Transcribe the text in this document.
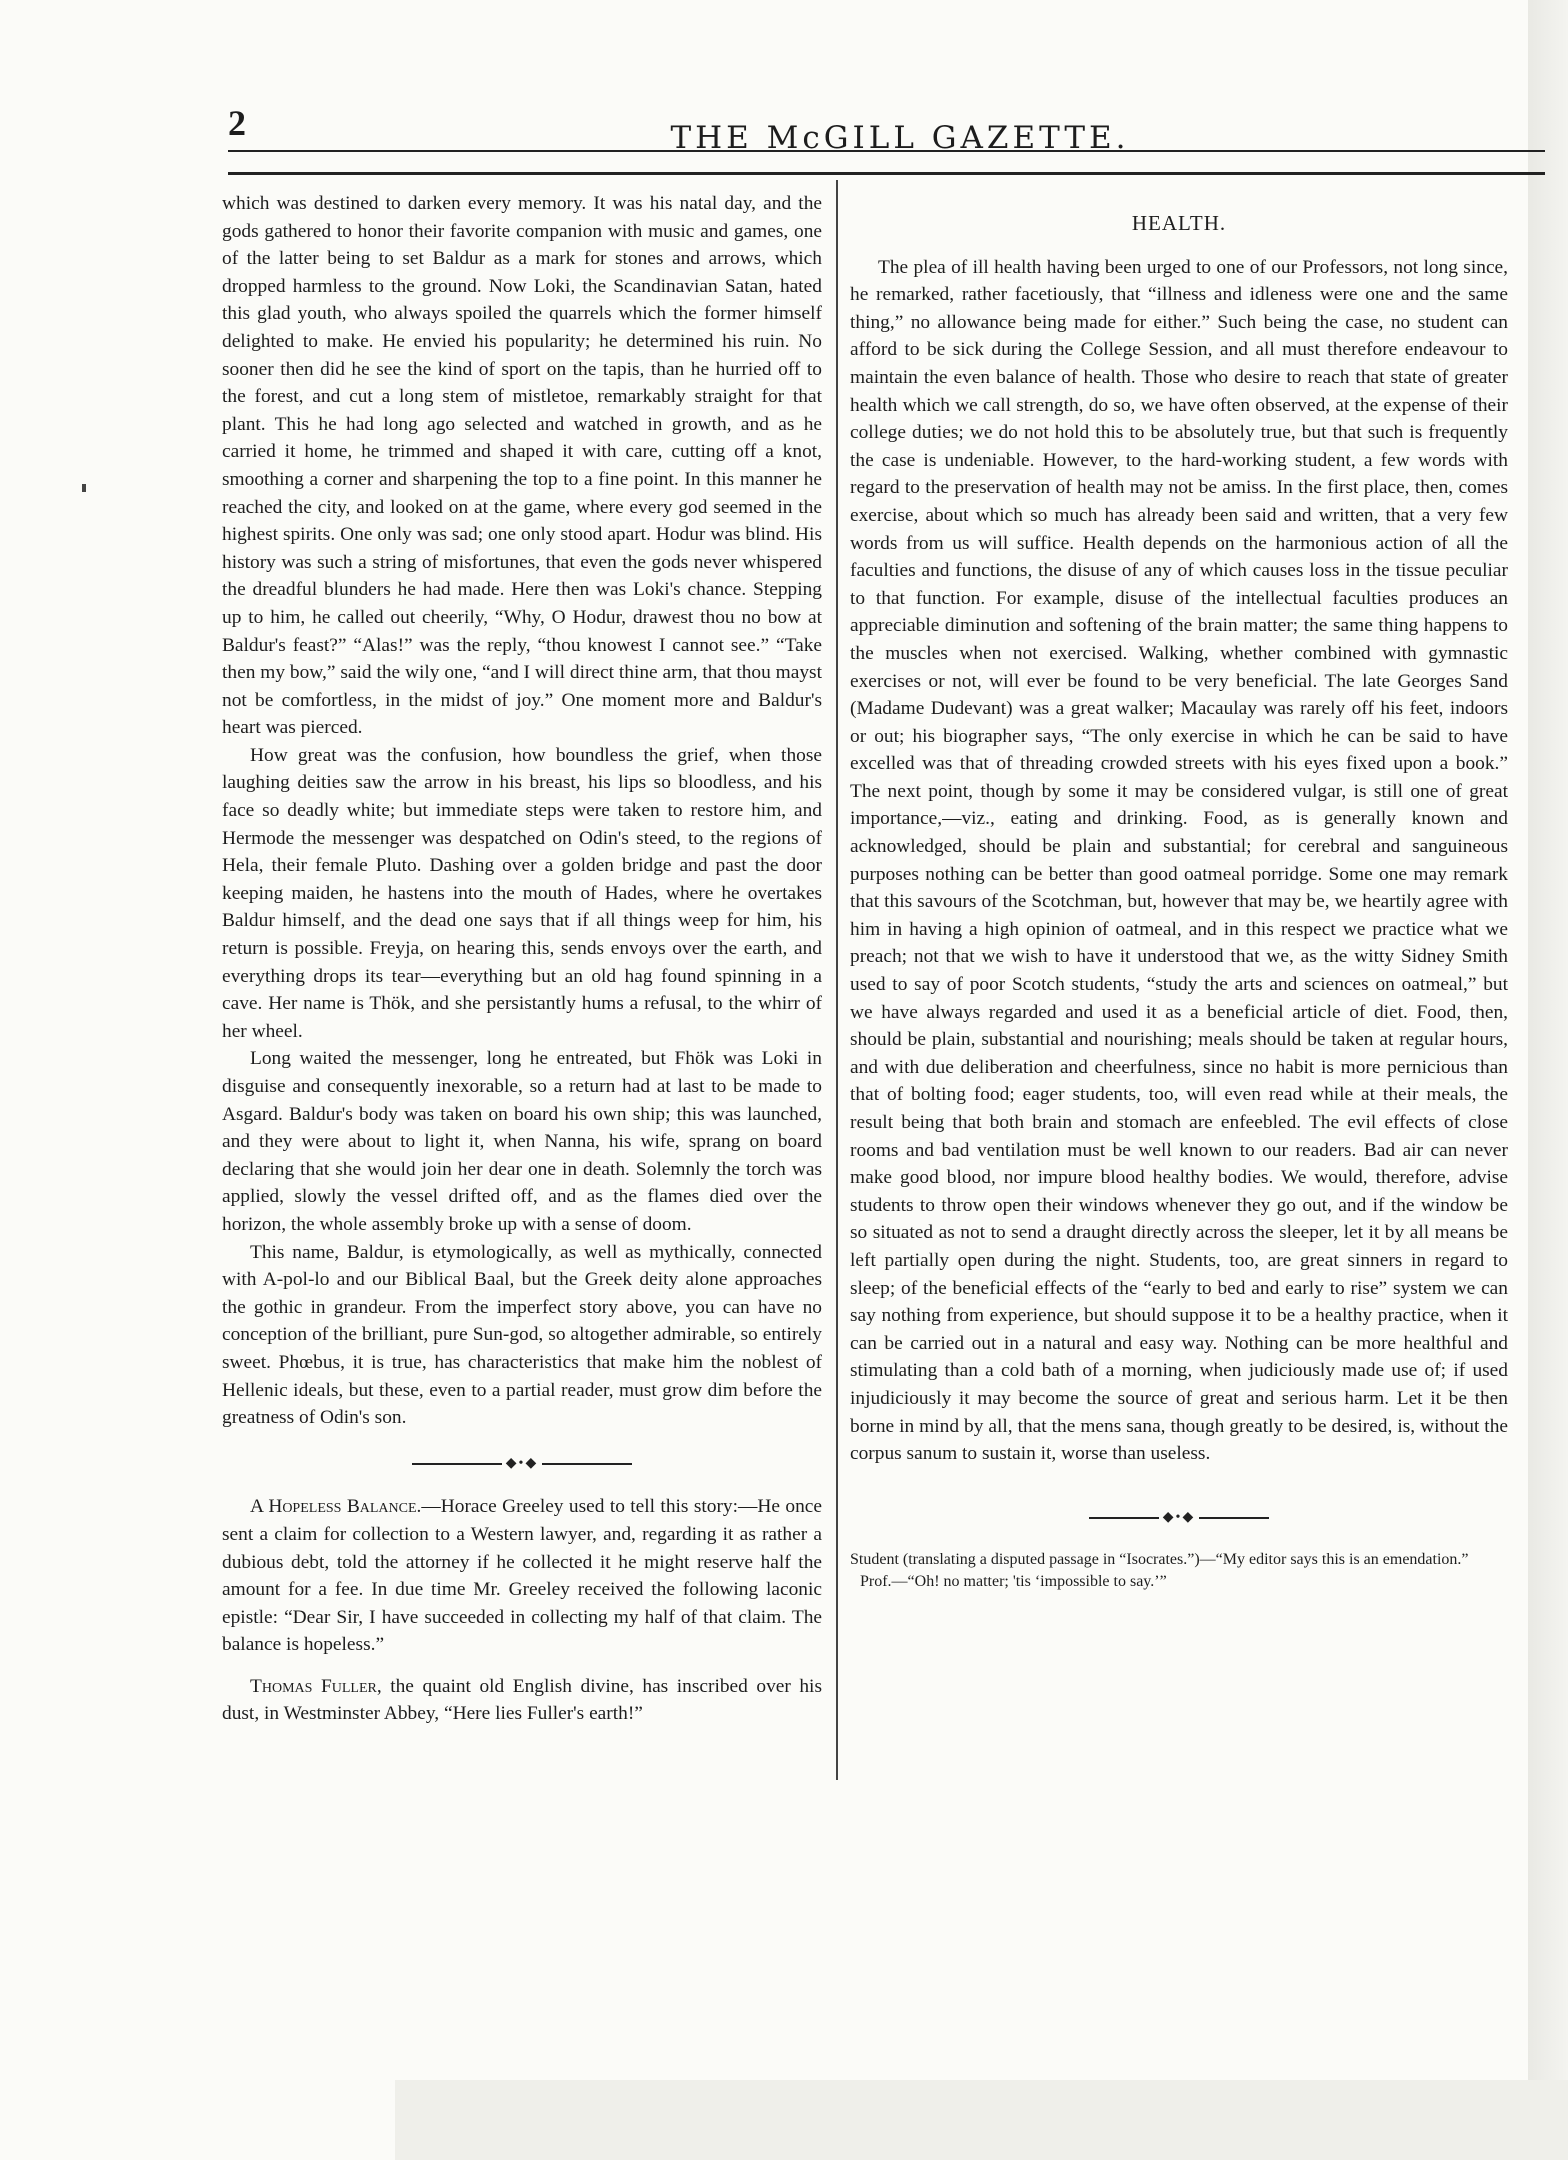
2	THE McGILL GAZETTE.

which was destined to darken every memory. It was his natal day, and the gods gathered to honor their favorite companion with music and games, one of the latter being to set Baldur as a mark for stones and arrows, which dropped harmless to the ground. Now Loki, the Scandinavian Satan, hated this glad youth, who always spoiled the quarrels which the former himself delighted to make. He envied his popularity; he determined his ruin. No sooner then did he see the kind of sport on the tapis, than he hurried off to the forest, and cut a long stem of mistletoe, remarkably straight for that plant. This he had long ago selected and watched in growth, and as he carried it home, he trimmed and shaped it with care, cutting off a knot, smoothing a corner and sharpening the top to a fine point. In this manner he reached the city, and looked on at the game, where every god seemed in the highest spirits. One only was sad; one only stood apart. Hodur was blind. His history was such a string of misfortunes, that even the gods never whispered the dreadful blunders he had made. Here then was Loki's chance. Stepping up to him, he called out cheerily, “Why, O Hodur, drawest thou no bow at Baldur's feast?” “Alas!” was the reply, “thou knowest I cannot see.” “Take then my bow,” said the wily one, “and I will direct thine arm, that thou mayst not be comfortless, in the midst of joy.” One moment more and Baldur's heart was pierced.

How great was the confusion, how boundless the grief, when those laughing deities saw the arrow in his breast, his lips so bloodless, and his face so deadly white; but immediate steps were taken to restore him, and Hermode the messenger was despatched on Odin's steed, to the regions of Hela, their female Pluto. Dashing over a golden bridge and past the door keeping maiden, he hastens into the mouth of Hades, where he overtakes Baldur himself, and the dead one says that if all things weep for him, his return is possible. Freyja, on hearing this, sends envoys over the earth, and everything drops its tear—everything but an old hag found spinning in a cave. Her name is Thök, and she persistantly hums a refusal, to the whirr of her wheel.

Long waited the messenger, long he entreated, but Fhök was Loki in disguise and consequently inexorable, so a return had at last to be made to Asgard. Baldur's body was taken on board his own ship; this was launched, and they were about to light it, when Nanna, his wife, sprang on board declaring that she would join her dear one in death. Solemnly the torch was applied, slowly the vessel drifted off, and as the flames died over the horizon, the whole assembly broke up with a sense of doom.

This name, Baldur, is etymologically, as well as mythically, connected with A-pol-lo and our Biblical Baal, but the Greek deity alone approaches the gothic in grandeur. From the imperfect story above, you can have no conception of the brilliant, pure Sun-god, so altogether admirable, so entirely sweet. Phœbus, it is true, has characteristics that make him the noblest of Hellenic ideals, but these, even to a partial reader, must grow dim before the greatness of Odin's son.

◆•◆

A Hopeless Balance.—Horace Greeley used to tell this story:—He once sent a claim for collection to a Western lawyer, and, regarding it as rather a dubious debt, told the attorney if he collected it he might reserve half the amount for a fee. In due time Mr. Greeley received the following laconic epistle: “Dear Sir, I have succeeded in collecting my half of that claim. The balance is hopeless.”

Thomas Fuller, the quaint old English divine, has inscribed over his dust, in Westminster Abbey, “Here lies Fuller's earth!”

HEALTH.

The plea of ill health having been urged to one of our Professors, not long since, he remarked, rather facetiously, that “illness and idleness were one and the same thing,” no allowance being made for either.” Such being the case, no student can afford to be sick during the College Session, and all must therefore endeavour to maintain the even balance of health. Those who desire to reach that state of greater health which we call strength, do so, we have often observed, at the expense of their college duties; we do not hold this to be absolutely true, but that such is frequently the case is undeniable. However, to the hard-working student, a few words with regard to the preservation of health may not be amiss. In the first place, then, comes exercise, about which so much has already been said and written, that a very few words from us will suffice. Health depends on the harmonious action of all the faculties and functions, the disuse of any of which causes loss in the tissue peculiar to that function. For example, disuse of the intellectual faculties produces an appreciable diminution and softening of the brain matter; the same thing happens to the muscles when not exercised. Walking, whether combined with gymnastic exercises or not, will ever be found to be very beneficial. The late Georges Sand (Madame Dudevant) was a great walker; Macaulay was rarely off his feet, indoors or out; his biographer says, “The only exercise in which he can be said to have excelled was that of threading crowded streets with his eyes fixed upon a book.” The next point, though by some it may be considered vulgar, is still one of great importance,—viz., eating and drinking. Food, as is generally known and acknowledged, should be plain and substantial; for cerebral and sanguineous purposes nothing can be better than good oatmeal porridge. Some one may remark that this savours of the Scotchman, but, however that may be, we heartily agree with him in having a high opinion of oatmeal, and in this respect we practice what we preach; not that we wish to have it understood that we, as the witty Sidney Smith used to say of poor Scotch students, “study the arts and sciences on oatmeal,” but we have always regarded and used it as a beneficial article of diet. Food, then, should be plain, substantial and nourishing; meals should be taken at regular hours, and with due deliberation and cheerfulness, since no habit is more pernicious than that of bolting food; eager students, too, will even read while at their meals, the result being that both brain and stomach are enfeebled. The evil effects of close rooms and bad ventilation must be well known to our readers. Bad air can never make good blood, nor impure blood healthy bodies. We would, therefore, advise students to throw open their windows whenever they go out, and if the window be so situated as not to send a draught directly across the sleeper, let it by all means be left partially open during the night. Students, too, are great sinners in regard to sleep; of the beneficial effects of the “early to bed and early to rise” system we can say nothing from experience, but should suppose it to be a healthy practice, when it can be carried out in a natural and easy way. Nothing can be more healthful and stimulating than a cold bath of a morning, when judiciously made use of; if used injudiciously it may become the source of great and serious harm. Let it be then borne in mind by all, that the mens sana, though greatly to be desired, is, without the corpus sanum to sustain it, worse than useless.

◆•◆

Student (translating a disputed passage in “Isocrates.”)—“My editor says this is an emendation.”

Prof.—“Oh! no matter; 'tis ‘impossible to say.’”
